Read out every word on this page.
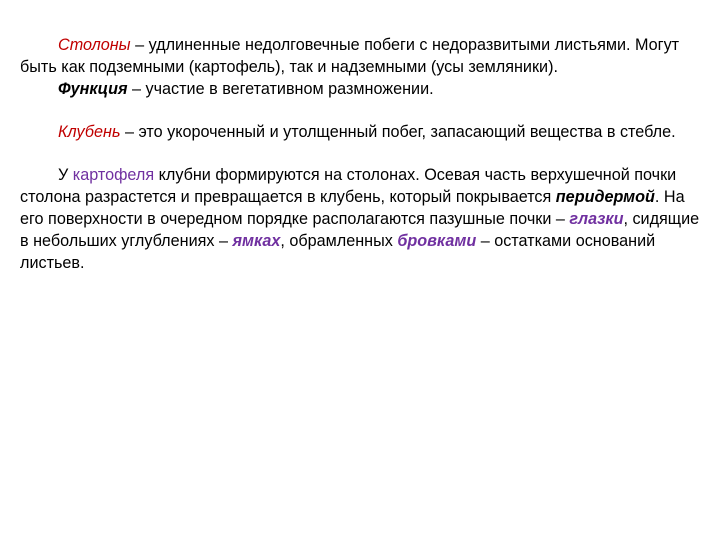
Столоны – удлиненные недолговечные побеги с недоразвитыми листьями. Могут быть как подземными (картофель), так и надземными (усы земляники).

Функция – участие в вегетативном размножении.

Клубень – это укороченный и утолщенный побег, запасающий вещества в стебле.

У картофеля клубни формируются на столонах. Осевая часть верхушечной почки столона разрастется и превращается в клубень, который покрывается перидермой. На его поверхности в очередном порядке располагаются пазушные почки – глазки, сидящие в небольших углублениях – ямках, обрамленных бровками – остатками оснований листьев.
